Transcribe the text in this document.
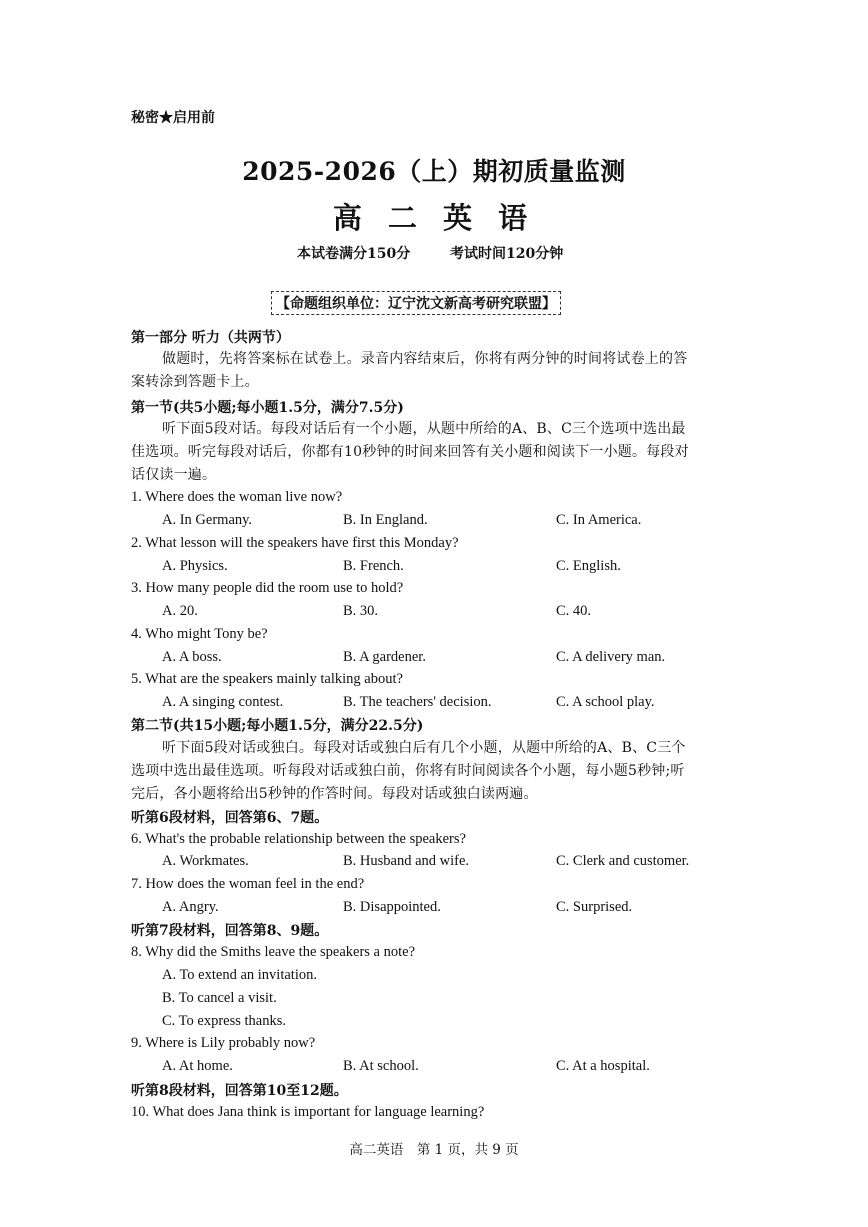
秘密★启用前
2025-2026（上）期初质量监测
高 二 英 语
本试卷满分150分	考试时间120分钟
【命题组织单位：辽宁沈文新高考研究联盟】
第一部分 听力（共两节）
做题时，先将答案标在试卷上。录音内容结束后，你将有两分钟的时间将试卷上的答
案转涂到答题卡上。
第一节(共5小题;每小题1.5分，满分7.5分)
听下面5段对话。每段对话后有一个小题，从题中所给的A、B、C三个选项中选出最
佳选项。听完每段对话后，你都有10秒钟的时间来回答有关小题和阅读下一小题。每段对
话仅读一遍。
1. Where does the woman live now?
A. In Germany.	B. In England.	C. In America.
2. What lesson will the speakers have first this Monday?
A. Physics.	B. French.	C. English.
3. How many people did the room use to hold?
A. 20.	B. 30.	C. 40.
4. Who might Tony be?
A. A boss.	B. A gardener.	C. A delivery man.
5. What are the speakers mainly talking about?
A. A singing contest.	B. The teachers' decision.	C. A school play.
第二节(共15小题;每小题1.5分，满分22.5分)
听下面5段对话或独白。每段对话或独白后有几个小题，从题中所给的A、B、C三个
选项中选出最佳选项。听每段对话或独白前，你将有时间阅读各个小题，每小题5秒钟;听
完后，各小题将给出5秒钟的作答时间。每段对话或独白读两遍。
听第6段材料，回答第6、7题。
6. What's the probable relationship between the speakers?
A. Workmates.	B. Husband and wife.	C. Clerk and customer.
7. How does the woman feel in the end?
A. Angry.	B. Disappointed.	C. Surprised.
听第7段材料，回答第8、9题。
8. Why did the Smiths leave the speakers a note?
A. To extend an invitation.
B. To cancel a visit.
C. To express thanks.
9. Where is Lily probably now?
A. At home.	B. At school.	C. At a hospital.
听第8段材料，回答第10至12题。
10. What does Jana think is important for language learning?
高二英语　第 1 页，共 9 页
